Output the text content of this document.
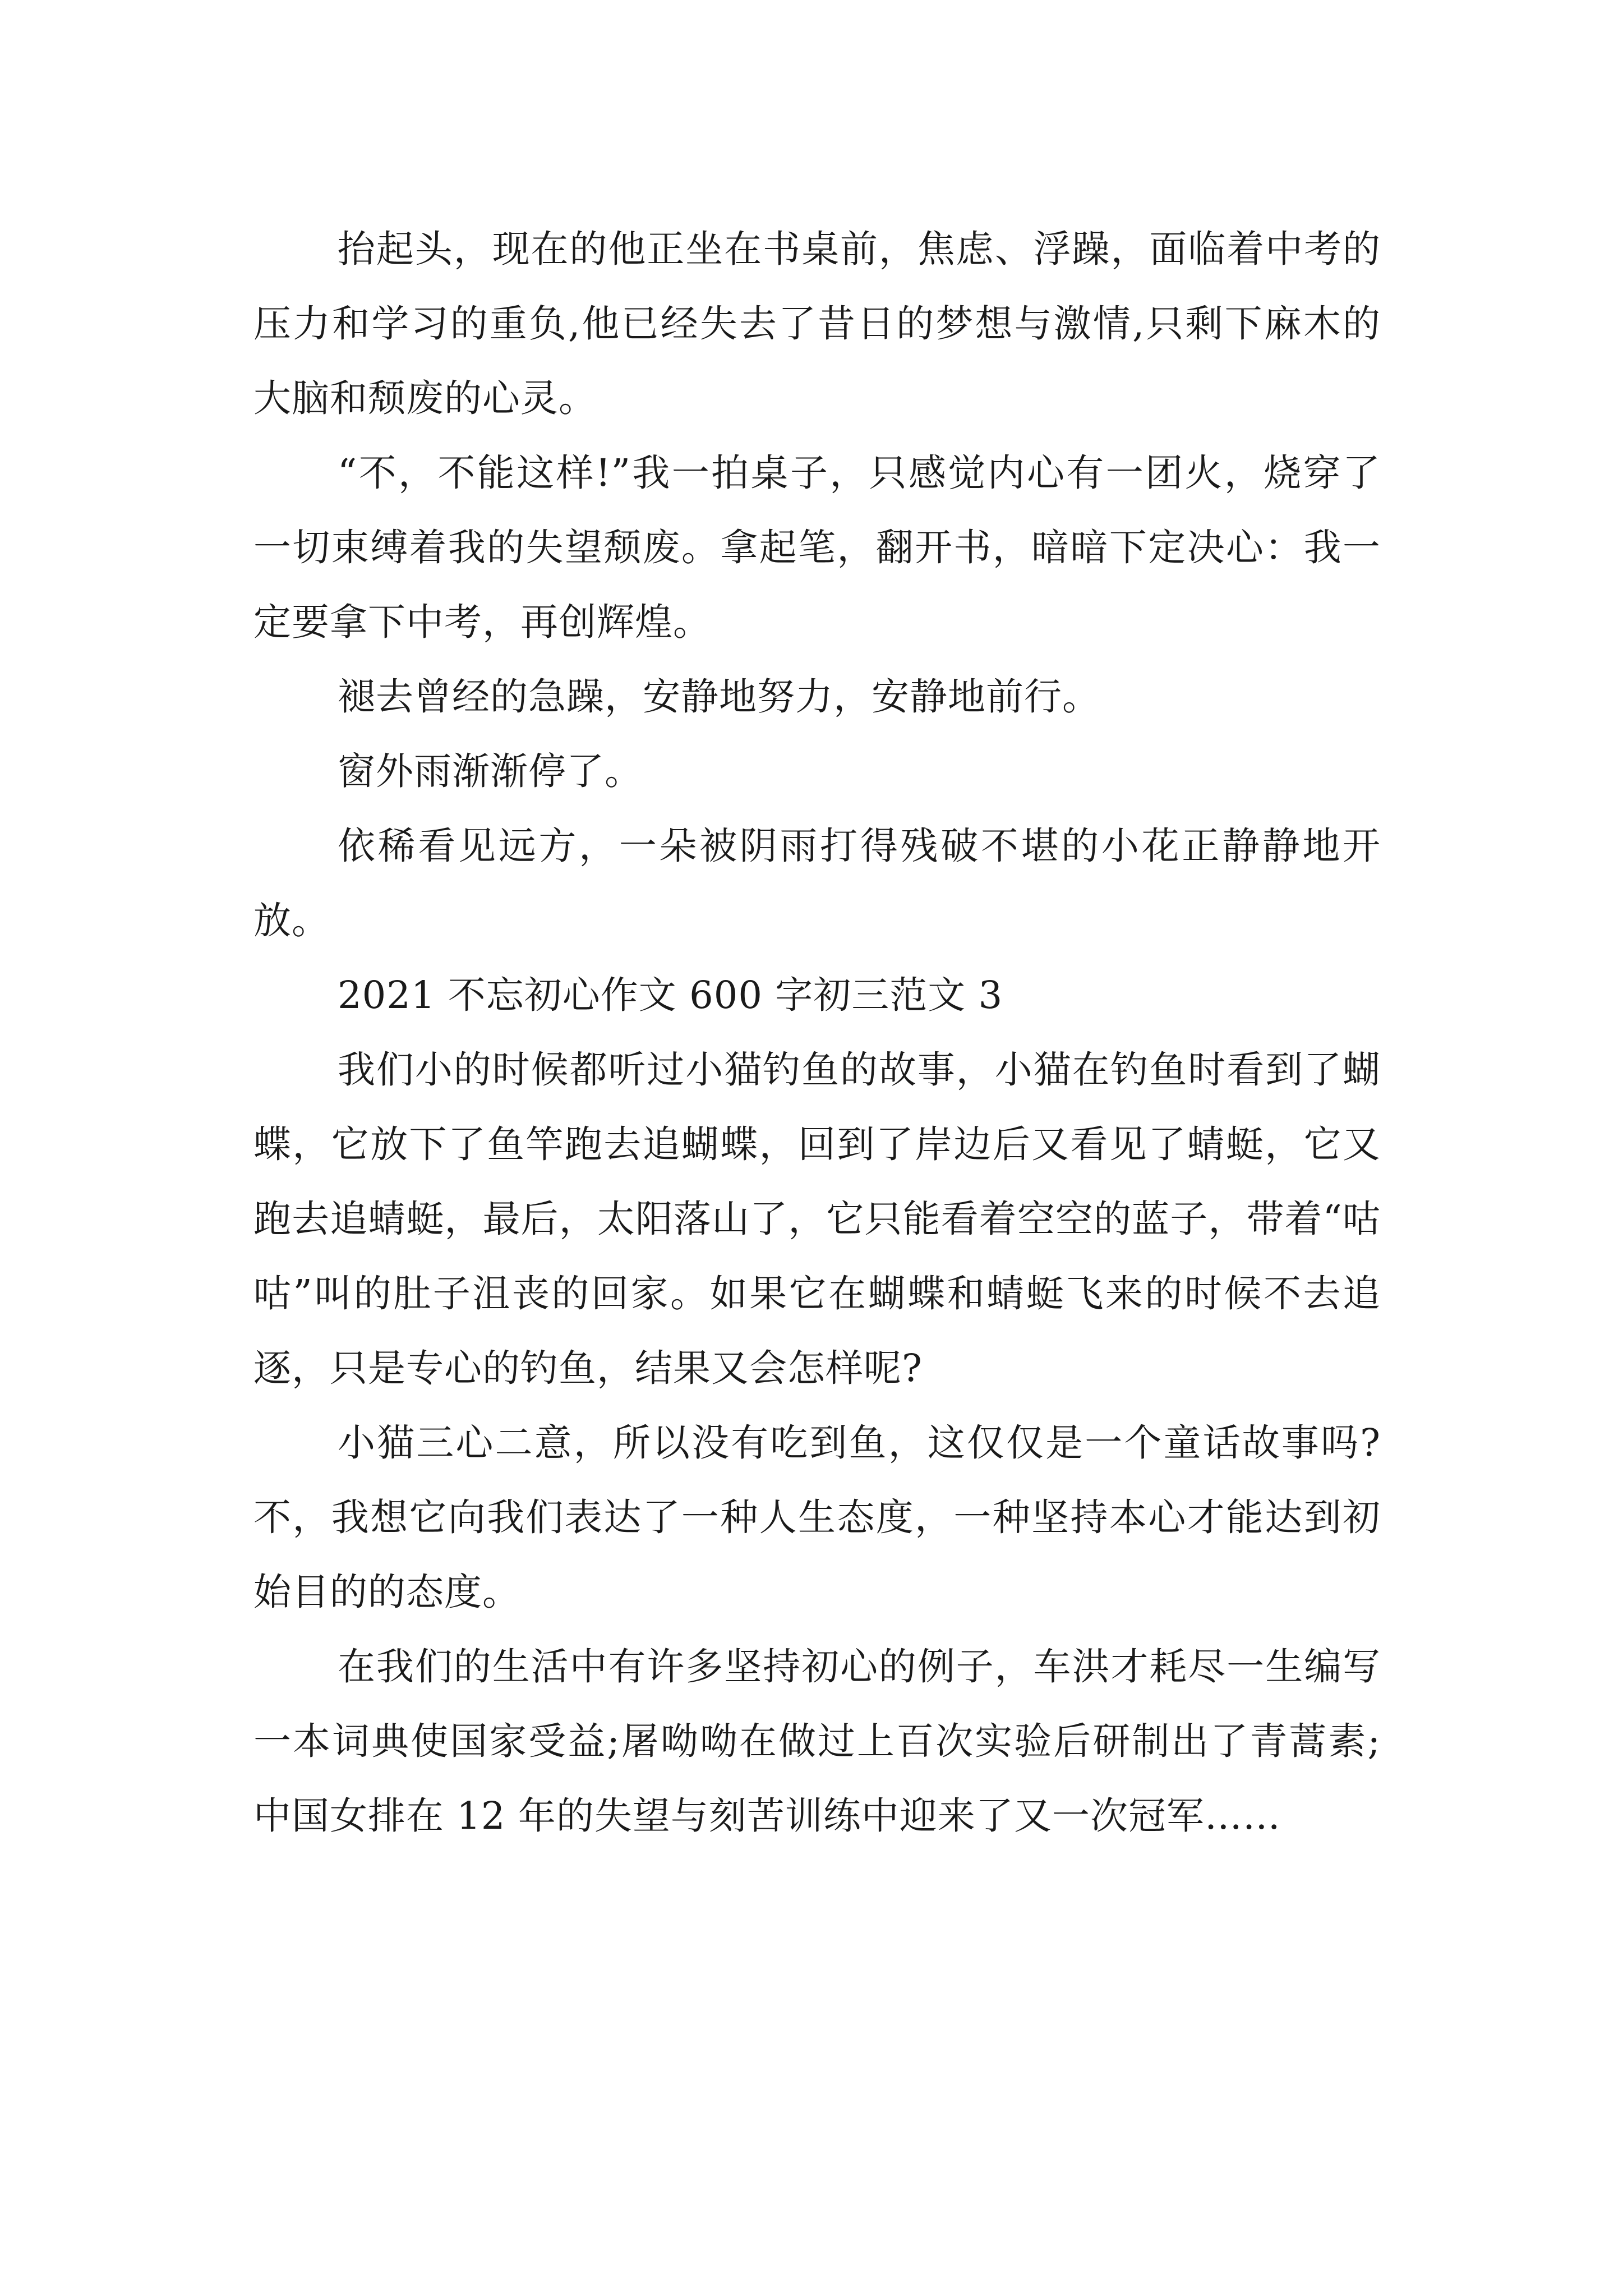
抬起头，现在的他正坐在书桌前，焦虑、浮躁，面临着中考的压力和学习的重负,他已经失去了昔日的梦想与激情,只剩下麻木的大脑和颓废的心灵。

“不，不能这样!”我一拍桌子，只感觉内心有一团火，烧穿了一切束缚着我的失望颓废。拿起笔，翻开书，暗暗下定决心：我一定要拿下中考，再创辉煌。

褪去曾经的急躁，安静地努力，安静地前行。

窗外雨渐渐停了。

依稀看见远方，一朵被阴雨打得残破不堪的小花正静静地开放。

2021 不忘初心作文 600 字初三范文 3

我们小的时候都听过小猫钓鱼的故事，小猫在钓鱼时看到了蝴蝶，它放下了鱼竿跑去追蝴蝶，回到了岸边后又看见了蜻蜓，它又跑去追蜻蜓，最后，太阳落山了，它只能看着空空的蓝子，带着“咕咕”叫的肚子沮丧的回家。如果它在蝴蝶和蜻蜓飞来的时候不去追逐，只是专心的钓鱼，结果又会怎样呢?

小猫三心二意，所以没有吃到鱼，这仅仅是一个童话故事吗?不，我想它向我们表达了一种人生态度，一种坚持本心才能达到初始目的的态度。

在我们的生活中有许多坚持初心的例子，车洪才耗尽一生编写一本词典使国家受益;屠呦呦在做过上百次实验后研制出了青蒿素;中国女排在 12 年的失望与刻苦训练中迎来了又一次冠军……
